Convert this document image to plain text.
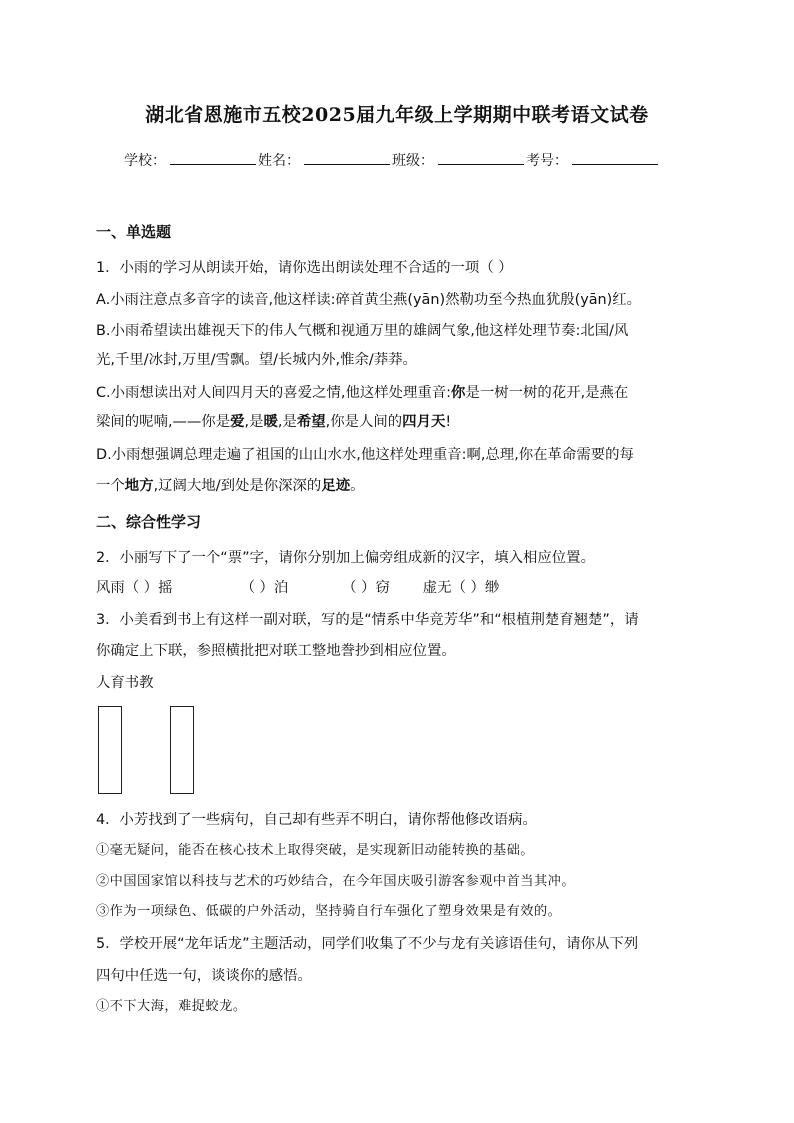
湖北省恩施市五校2025届九年级上学期期中联考语文试卷
学校：	姓名：	班级：	考号：
一、单选题
1．小雨的学习从朗读开始，请你选出朗读处理不合适的一项（ ）
A.小雨注意点多音字的读音,他这样读:碎首黄尘燕(yān)然勒功至今热血犹殷(yān)红。
B.小雨希望读出雄视天下的伟人气概和视通万里的雄阔气象,他这样处理节奏:北国/风
光,千里/冰封,万里/雪飘。望/长城内外,惟余/莽莽。
C.小雨想读出对人间四月天的喜爱之情,他这样处理重音:你是一树一树的花开,是燕在
梁间的呢喃,——你是爱,是暖,是希望,你是人间的四月天!
D.小雨想强调总理走遍了祖国的山山水水,他这样处理重音:啊,总理,你在革命需要的每
一个地方,辽阔大地/到处是你深深的足迹。
二、综合性学习
2．小丽写下了一个“票”字，请你分别加上偏旁组成新的汉字，填入相应位置。
风雨（ ）摇	（ ）泊	（ ）窃 虚无（ ）缈
3．小美看到书上有这样一副对联，写的是“情系中华竞芳华”和“根植荆楚育翘楚”，请
你确定上下联，参照横批把对联工整地誊抄到相应位置。
人育书教
4．小芳找到了一些病句，自己却有些弄不明白，请你帮他修改语病。
①毫无疑问，能否在核心技术上取得突破，是实现新旧动能转换的基础。
②中国国家馆以科技与艺术的巧妙结合，在今年国庆吸引游客参观中首当其冲。
③作为一项绿色、低碳的户外活动，坚持骑自行车强化了塑身效果是有效的。
5．学校开展“龙年话龙”主题活动，同学们收集了不少与龙有关谚语佳句，请你从下列
四句中任选一句，谈谈你的感悟。
①不下大海，难捉蛟龙。
